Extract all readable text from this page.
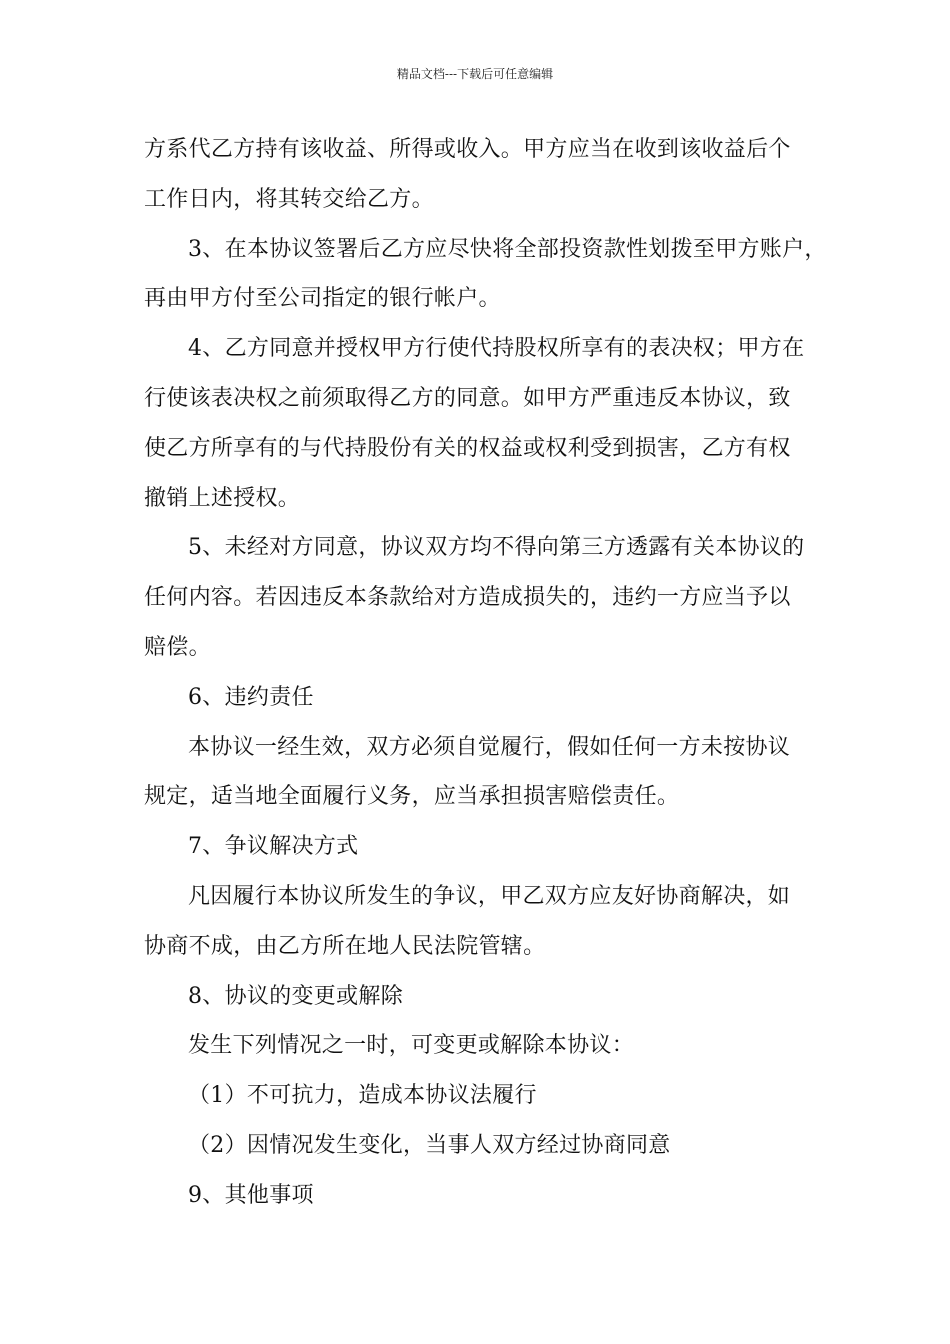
精品文档---下载后可任意编辑
方系代乙方持有该收益、所得或收入。甲方应当在收到该收益后个
工作日内，将其转交给乙方。
3、在本协议签署后乙方应尽快将全部投资款性划拨至甲方账户，
再由甲方付至公司指定的银行帐户。
4、乙方同意并授权甲方行使代持股权所享有的表决权；甲方在
行使该表决权之前须取得乙方的同意。如甲方严重违反本协议，致
使乙方所享有的与代持股份有关的权益或权利受到损害，乙方有权
撤销上述授权。
5、未经对方同意，协议双方均不得向第三方透露有关本协议的
任何内容。若因违反本条款给对方造成损失的，违约一方应当予以
赔偿。
6、违约责任
本协议一经生效，双方必须自觉履行，假如任何一方未按协议
规定，适当地全面履行义务，应当承担损害赔偿责任。
7、争议解决方式
凡因履行本协议所发生的争议，甲乙双方应友好协商解决，如
协商不成，由乙方所在地人民法院管辖。
8、协议的变更或解除
发生下列情况之一时，可变更或解除本协议：
（1）不可抗力，造成本协议法履行
（2）因情况发生变化，当事人双方经过协商同意
9、其他事项
